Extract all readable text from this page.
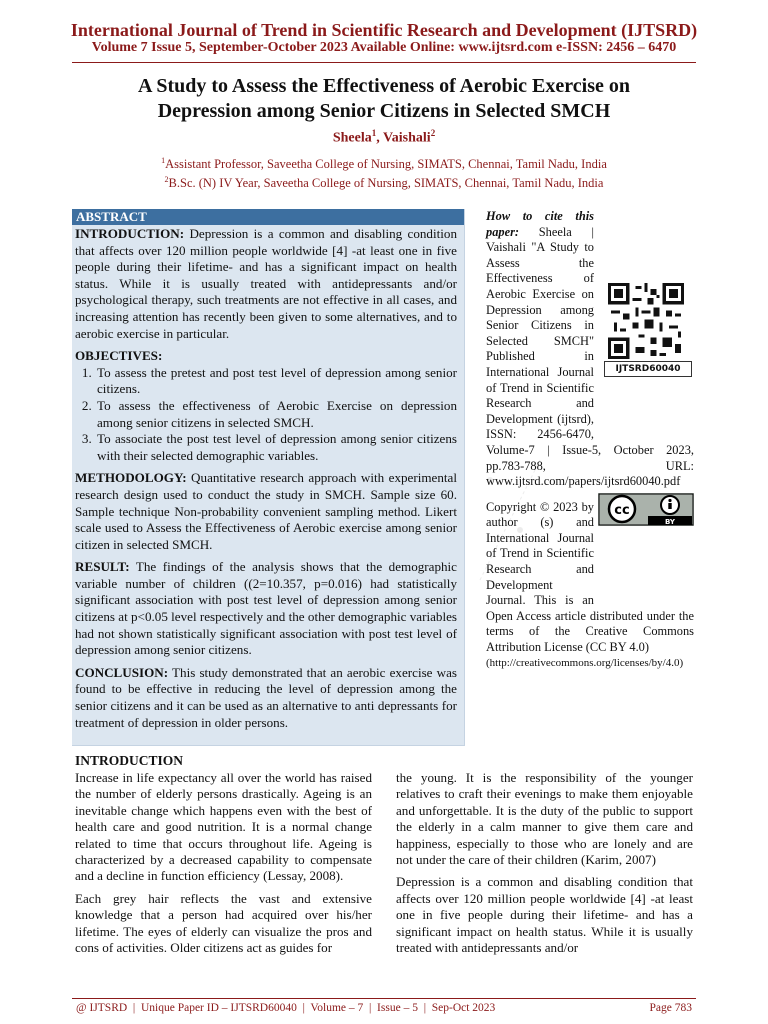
International Journal of Trend in Scientific Research and Development (IJTSRD)
Volume 7 Issue 5, September-October 2023 Available Online: www.ijtsrd.com e-ISSN: 2456 – 6470
A Study to Assess the Effectiveness of Aerobic Exercise on
Depression among Senior Citizens in Selected SMCH
Sheela$^1$, Vaishali$^2$
$^1$Assistant Professor, Saveetha College of Nursing, SIMATS, Chennai, Tamil Nadu, India
$^2$B.Sc. (N) IV Year, Saveetha College of Nursing, SIMATS, Chennai, Tamil Nadu, India
ABSTRACT

INTRODUCTION: Depression is a common and disabling condition that affects over 120 million people worldwide [4] -at least one in five people during their lifetime- and has a significant impact on health status. While it is usually treated with antidepressants and/or psychological therapy, such treatments are not effective in all cases, and increasing attention has recently been given to some alternatives, and to aerobic exercise in particular.

OBJECTIVES:

1. To assess the pretest and post test level of depression among senior citizens.
2. To assess the effectiveness of Aerobic Exercise on depression among senior citizens in selected SMCH.
3. To associate the post test level of depression among senior citizens with their selected demographic variables.

METHODOLOGY: Quantitative research approach with experimental research design used to conduct the study in SMCH. Sample size 60. Sample technique Non-probability convenient sampling method. Likert scale used to Assess the Effectiveness of Aerobic exercise among senior citizen in selected SMCH.

RESULT: The findings of the analysis shows that the demographic variable number of children ((2=10.357, p=0.016) had statistically significant association with post test level of depression among senior citizens at p<0.05 level respectively and the other demographic variables had not shown statistically significant association with post test level of depression among senior citizens.

CONCLUSION: This study demonstrated that an aerobic exercise was found to be effective in reducing the level of depression among the senior citizens and it can be used as an alternative to anti depressants for treatment of depression in older persons.

How to cite this paper: Sheela | Vaishali "A Study to Assess the Effectiveness of Aerobic Exercise on Depression among Senior Citizens in Selected SMCH" Published in International Journal of Trend in Scientific Research and Development (ijtsrd), ISSN: 2456-6470, Volume-7 | Issue-5, October 2023, pp.783-788, URL: www.ijtsrd.com/papers/ijtsrd60040.pdf
Copyright © 2023 by author (s) and International Journal of Trend in Scientific Research and Development Journal. This is an Open Access article distributed under the terms of the Creative Commons Attribution License (CC BY 4.0)
(http://creativecommons.org/licenses/by/4.0)
IJTSRD60040
cc
BY
INTRODUCTION

Increase in life expectancy all over the world has raised the number of elderly persons drastically. Ageing is an inevitable change which happens even with the best of health care and good nutrition. It is a normal change related to time that occurs throughout life. Ageing is characterized by a decreased capability to compensate and a decline in function efficiency (Lessay, 2008).

Each grey hair reflects the vast and extensive knowledge that a person had acquired over his/her lifetime. The eyes of elderly can visualize the pros and cons of activities. Older citizens act as guides for

the young. It is the responsibility of the younger relatives to craft their evenings to make them enjoyable and unforgettable. It is the duty of the public to support the elderly in a calm manner to give them care and happiness, especially to those who are lonely and are not under the care of their children (Karim, 2007)

Depression is a common and disabling condition that affects over 120 million people worldwide [4] -at least one in five people during their lifetime- and has a significant impact on health status. While it is usually treated with antidepressants and/or

@ IJTSRD  |  Unique Paper ID – IJTSRD60040  |  Volume – 7  |  Issue – 5  |  Sep-Oct 2023	Page 783
